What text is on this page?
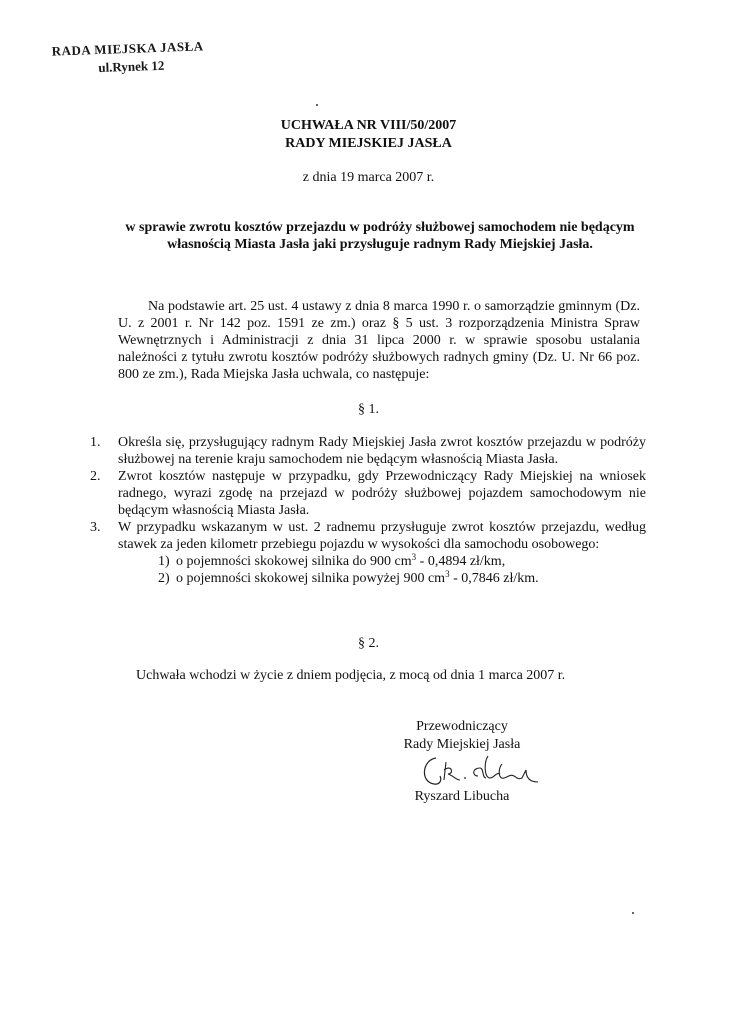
RADA MIEJSKA JASŁA
ul.Rynek 12
UCHWAŁA NR VIII/50/2007
RADY MIEJSKIEJ JASŁA
z dnia 19 marca 2007 r.
w sprawie zwrotu kosztów przejazdu w podróży służbowej samochodem nie będącym własnością Miasta Jasła jaki przysługuje radnym Rady Miejskiej Jasła.
Na podstawie art. 25 ust. 4 ustawy z dnia 8 marca 1990 r. o samorządzie gminnym (Dz. U. z 2001 r. Nr 142 poz. 1591 ze zm.) oraz § 5 ust. 3 rozporządzenia Ministra Spraw Wewnętrznych i Administracji z dnia 31 lipca 2000 r. w sprawie sposobu ustalania należności z tytułu zwrotu kosztów podróży służbowych radnych gminy (Dz. U. Nr 66 poz. 800 ze zm.), Rada Miejska Jasła uchwala, co następuje:
§ 1.
1. Określa się, przysługujący radnym Rady Miejskiej Jasła zwrot kosztów przejazdu w podróży służbowej na terenie kraju samochodem nie będącym własnością Miasta Jasła.
2. Zwrot kosztów następuje w przypadku, gdy Przewodniczący Rady Miejskiej na wniosek radnego, wyrazi zgodę na przejazd w podróży służbowej pojazdem samochodowym nie będącym własnością Miasta Jasła.
3. W przypadku wskazanym w ust. 2 radnemu przysługuje zwrot kosztów przejazdu, według stawek za jeden kilometr przebiegu pojazdu w wysokości dla samochodu osobowego:
1) o pojemności skokowej silnika do 900 $cm^3 - 0,4894$ zł/km,
2) o pojemności skokowej silnika powyżej 900 $cm^3 - 0,7846$ zł/km.
§ 2.
Uchwała wchodzi w życie z dniem podjęcia, z mocą od dnia 1 marca 2007 r.
Przewodniczący
Rady Miejskiej Jasła
Ryszard Libucha
